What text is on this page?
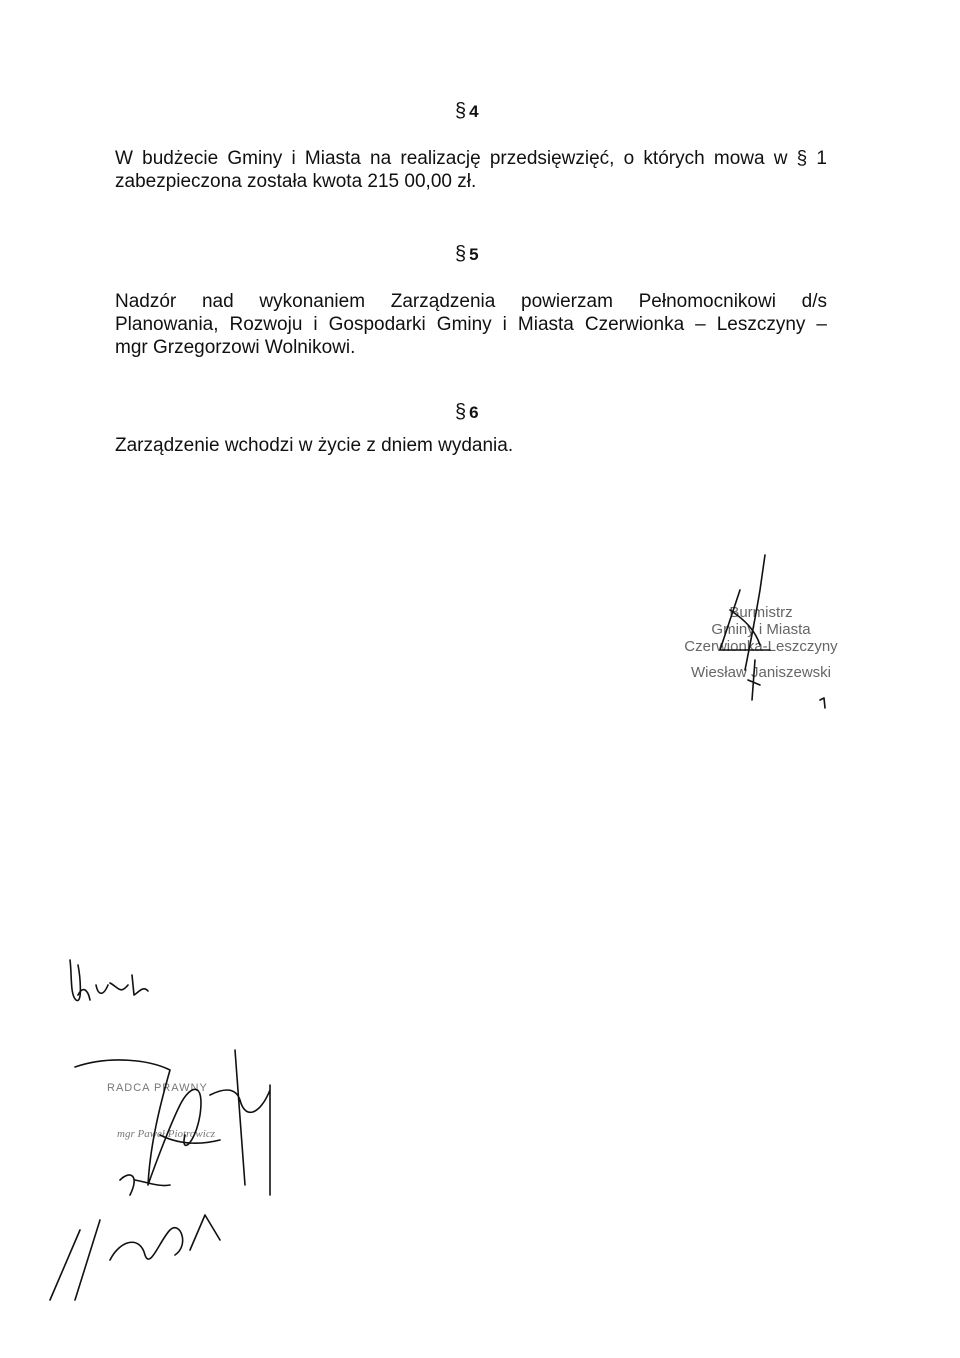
§ 4
W budżecie Gminy i Miasta na realizację przedsięwzięć, o których mowa w § 1
zabezpieczona została kwota 215 00,00 zł.
§ 5
Nadzór nad wykonaniem Zarządzenia powierzam Pełnomocnikowi d/s
Planowania, Rozwoju i Gospodarki Gminy i Miasta Czerwionka – Leszczyny –
mgr Grzegorzowi Wolnikowi.
§ 6
Zarządzenie wchodzi w życie z dniem wydania.
Burmistrz
Gminy i Miasta
Czerwionka-Leszczyny
Wiesław Janiszewski
RADCA PRAWNY
mgr Paweł Piotrowicz
